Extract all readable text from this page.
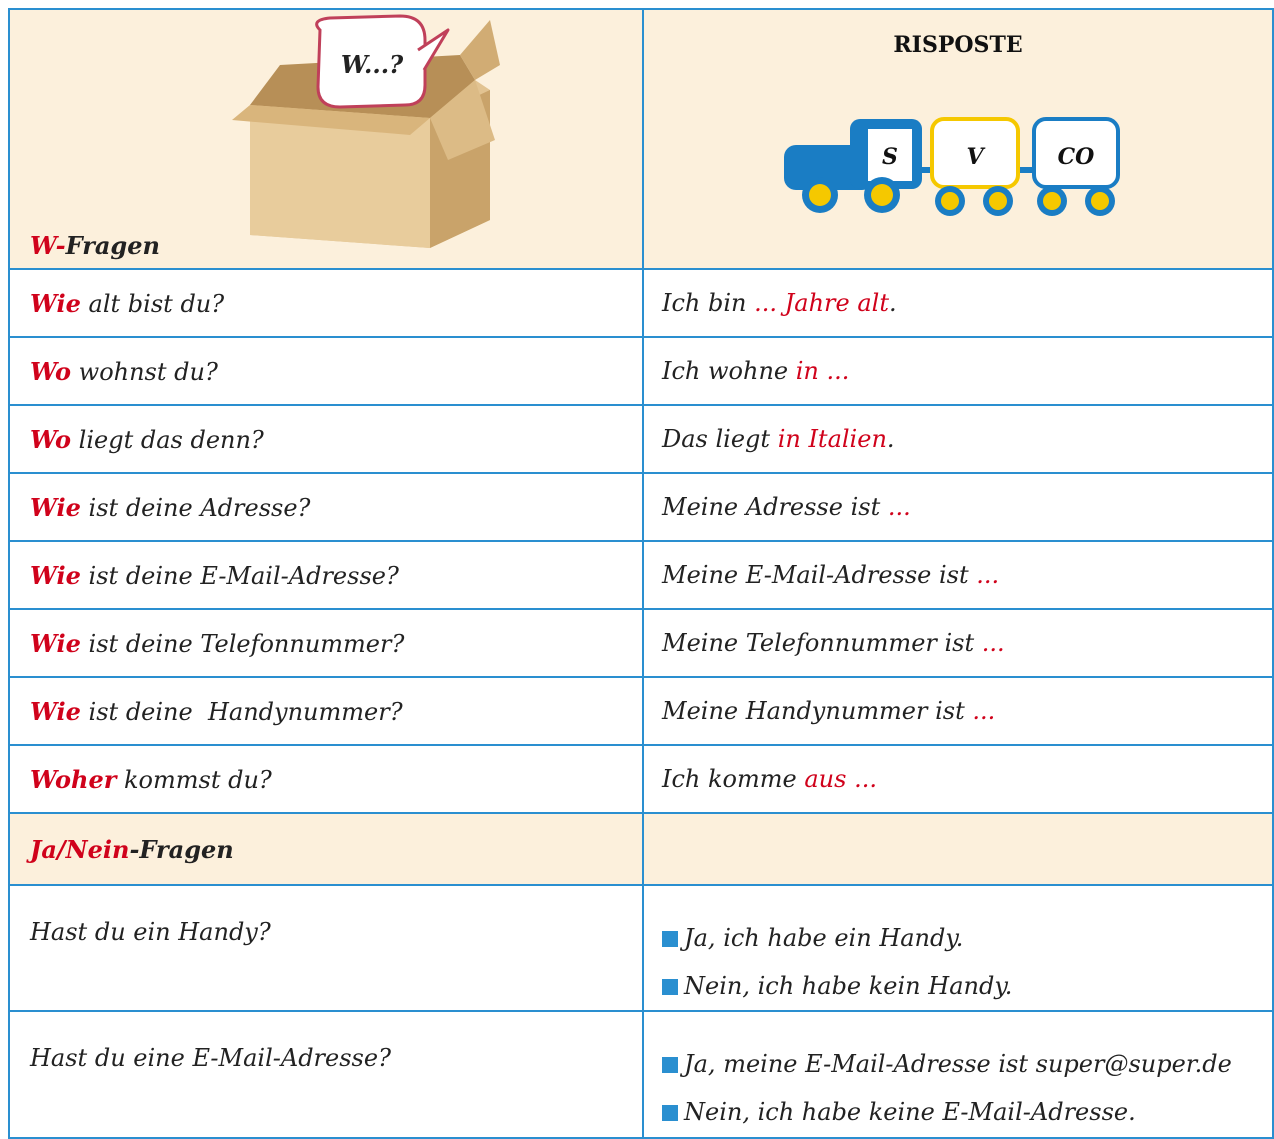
W...?
W-Fragen	RISPOSTE
S V CO

Wie alt bist du?	Ich bin ... Jahre alt.
Wo wohnst du?	Ich wohne in ...
Wo liegt das denn?	Das liegt in Italien.
Wie ist deine Adresse?	Meine Adresse ist ...
Wie ist deine E-Mail-Adresse?	Meine E-Mail-Adresse ist ...
Wie ist deine Telefonnummer?	Meine Telefonnummer ist ...
Wie ist deine  Handynummer?	Meine Handynummer ist ...
Woher kommst du?	Ich komme aus ...
Ja/Nein-Fragen	

Hast du ein Handy?	Ja, ich habe ein Handy.
Nein, ich habe kein Handy.

Hast du eine E-Mail-Adresse?	Ja, meine E-Mail-Adresse ist super@super.de
Nein, ich habe keine E-Mail-Adresse.
